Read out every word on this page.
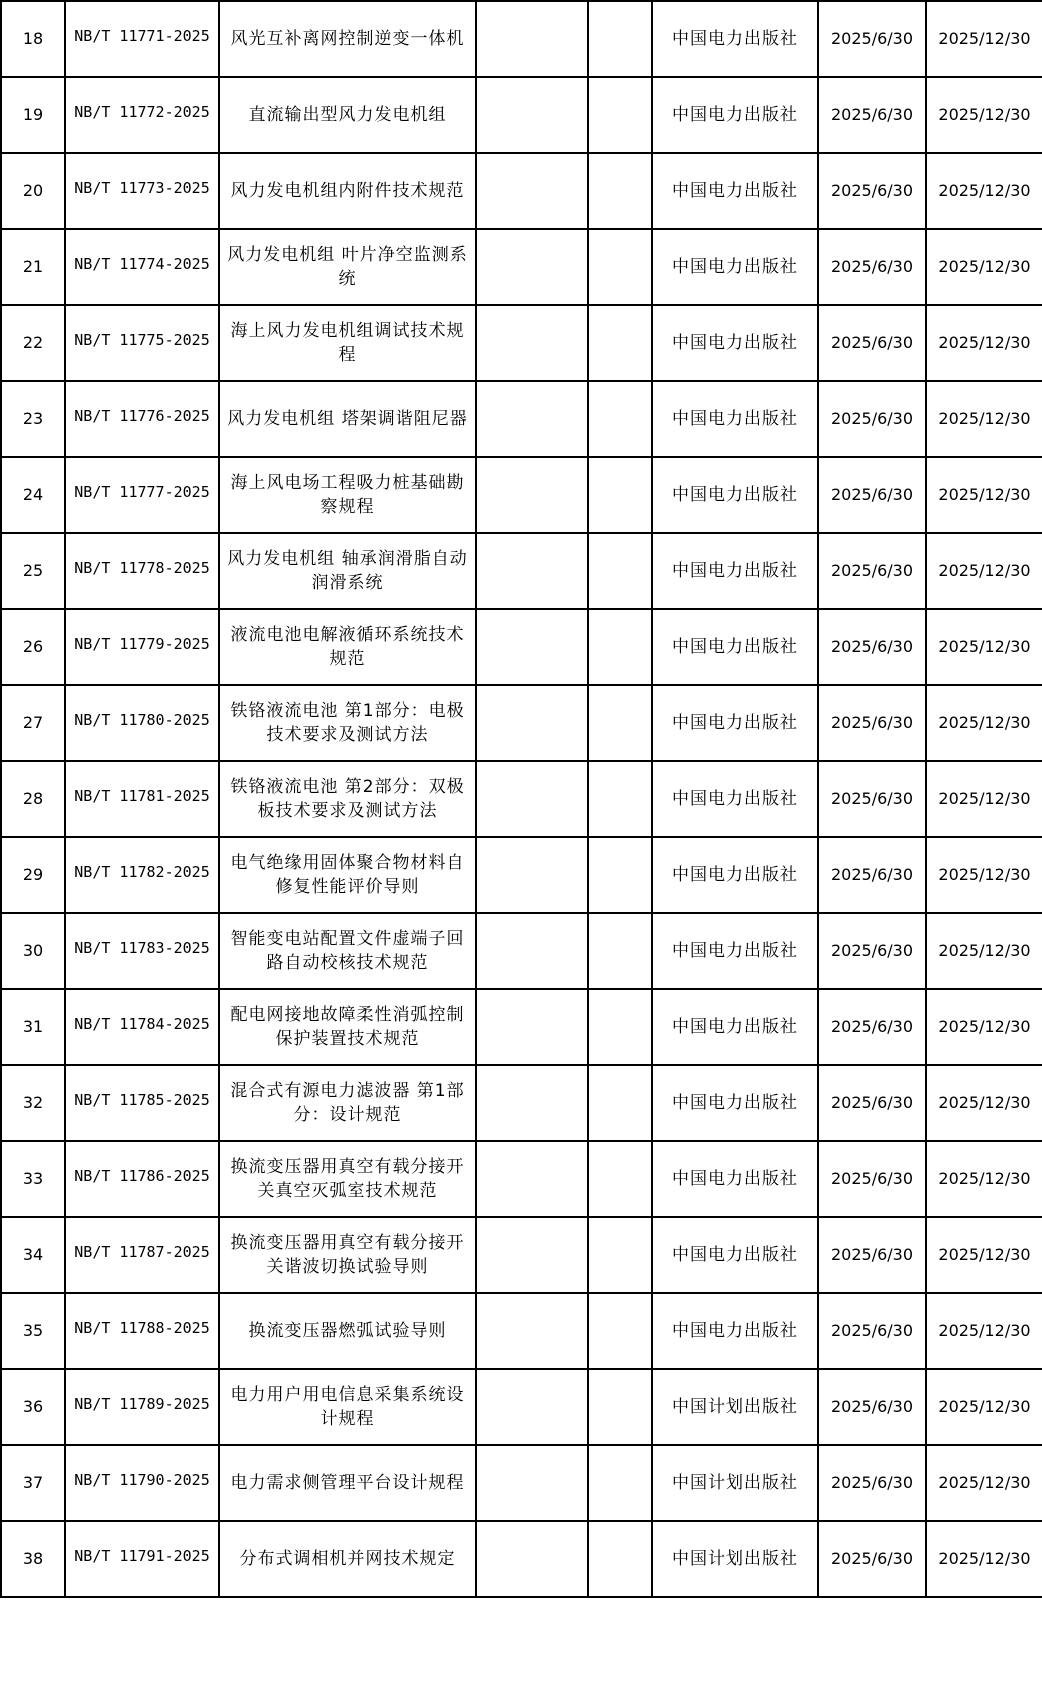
18	NB/T 11771-2025	风光互补离网控制逆变一体机			中国电力出版社	2025/6/30	2025/12/30
19	NB/T 11772-2025	直流输出型风力发电机组			中国电力出版社	2025/6/30	2025/12/30
20	NB/T 11773-2025	风力发电机组内附件技术规范			中国电力出版社	2025/6/30	2025/12/30
21	NB/T 11774-2025	风力发电机组 叶片净空监测系统			中国电力出版社	2025/6/30	2025/12/30
22	NB/T 11775-2025	海上风力发电机组调试技术规程			中国电力出版社	2025/6/30	2025/12/30
23	NB/T 11776-2025	风力发电机组 塔架调谐阻尼器			中国电力出版社	2025/6/30	2025/12/30
24	NB/T 11777-2025	海上风电场工程吸力桩基础勘察规程			中国电力出版社	2025/6/30	2025/12/30
25	NB/T 11778-2025	风力发电机组 轴承润滑脂自动润滑系统			中国电力出版社	2025/6/30	2025/12/30
26	NB/T 11779-2025	液流电池电解液循环系统技术规范			中国电力出版社	2025/6/30	2025/12/30
27	NB/T 11780-2025	铁铬液流电池 第1部分：电极技术要求及测试方法			中国电力出版社	2025/6/30	2025/12/30
28	NB/T 11781-2025	铁铬液流电池 第2部分：双极板技术要求及测试方法			中国电力出版社	2025/6/30	2025/12/30
29	NB/T 11782-2025	电气绝缘用固体聚合物材料自修复性能评价导则			中国电力出版社	2025/6/30	2025/12/30
30	NB/T 11783-2025	智能变电站配置文件虚端子回路自动校核技术规范			中国电力出版社	2025/6/30	2025/12/30
31	NB/T 11784-2025	配电网接地故障柔性消弧控制保护装置技术规范			中国电力出版社	2025/6/30	2025/12/30
32	NB/T 11785-2025	混合式有源电力滤波器 第1部分：设计规范			中国电力出版社	2025/6/30	2025/12/30
33	NB/T 11786-2025	换流变压器用真空有载分接开关真空灭弧室技术规范			中国电力出版社	2025/6/30	2025/12/30
34	NB/T 11787-2025	换流变压器用真空有载分接开关谐波切换试验导则			中国电力出版社	2025/6/30	2025/12/30
35	NB/T 11788-2025	换流变压器燃弧试验导则			中国电力出版社	2025/6/30	2025/12/30
36	NB/T 11789-2025	电力用户用电信息采集系统设计规程			中国计划出版社	2025/6/30	2025/12/30
37	NB/T 11790-2025	电力需求侧管理平台设计规程			中国计划出版社	2025/6/30	2025/12/30
38	NB/T 11791-2025	分布式调相机并网技术规定			中国计划出版社	2025/6/30	2025/12/30
